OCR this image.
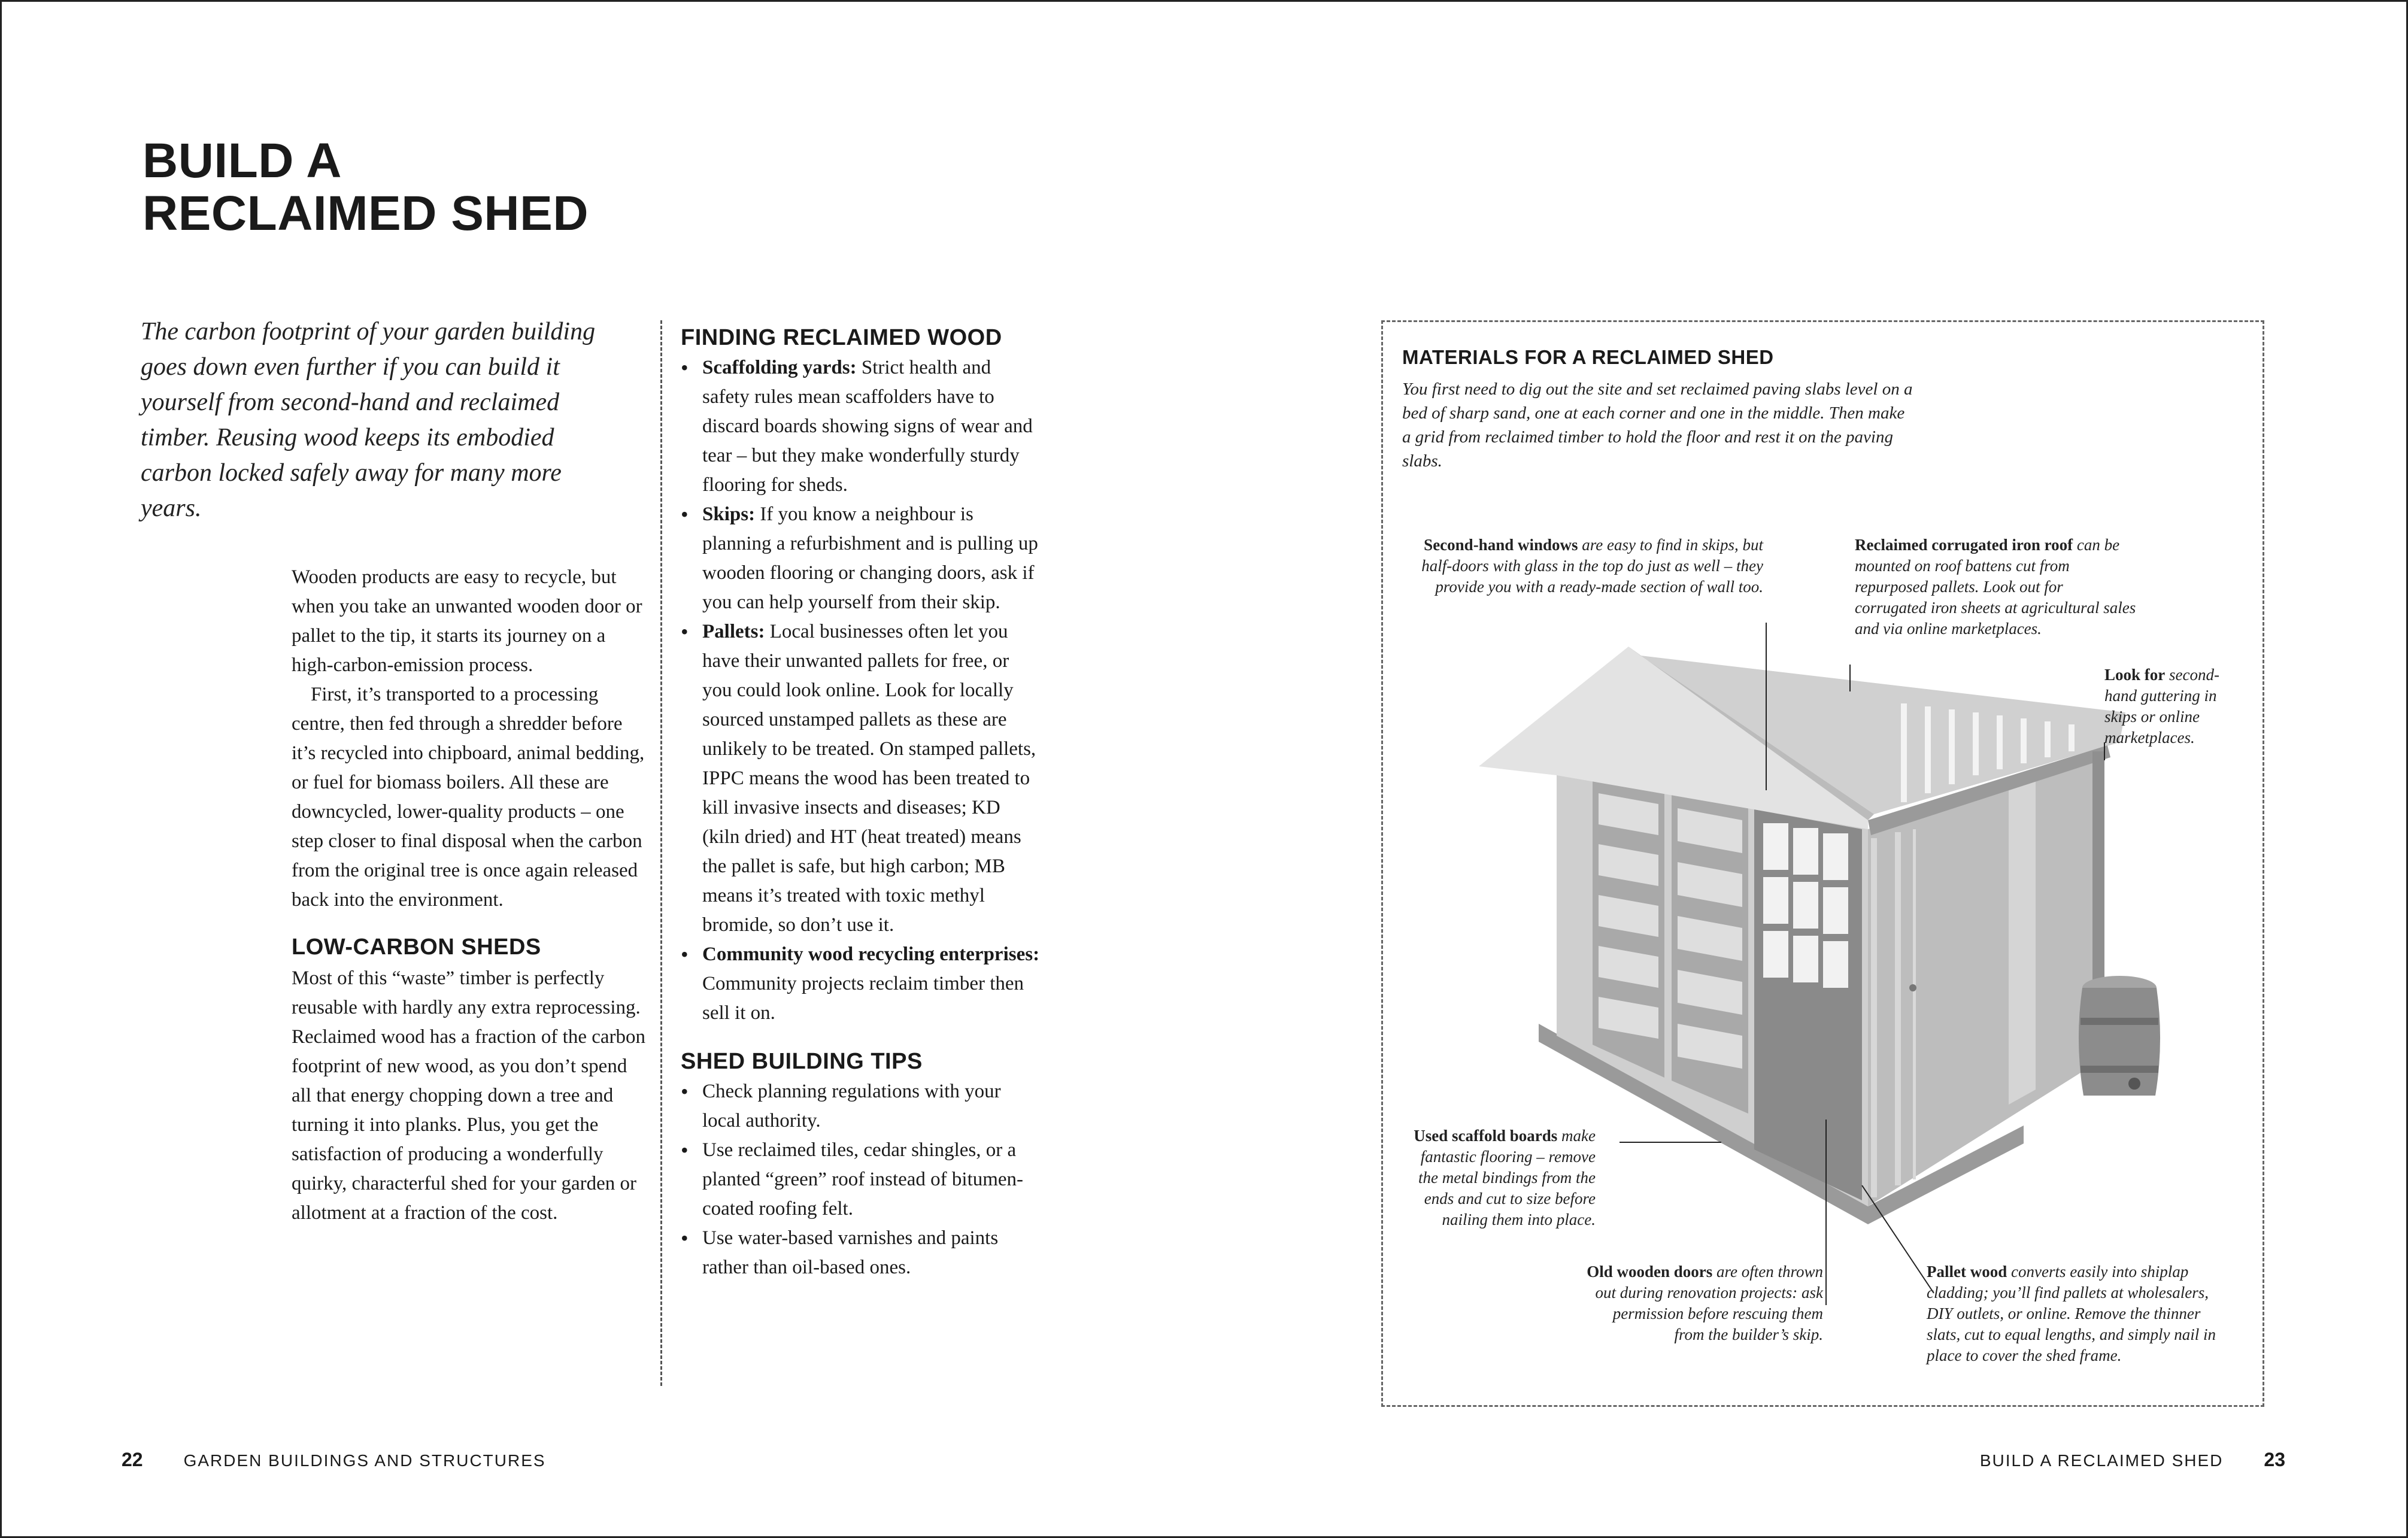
BUILD A
RECLAIMED SHED

The carbon footprint of your garden building goes down even further if you can build it yourself from second-hand and reclaimed timber. Reusing wood keeps its embodied carbon locked safely away for many more years.

Wooden products are easy to recycle, but when you take an unwanted wooden door or pallet to the tip, it starts its journey on a high-carbon-emission process.

First, it’s transported to a processing centre, then fed through a shredder before it’s recycled into chipboard, animal bedding, or fuel for biomass boilers. All these are downcycled, lower-quality products – one step closer to final disposal when the carbon from the original tree is once again released back into the environment.

LOW-CARBON SHEDS

Most of this “waste” timber is perfectly reusable with hardly any extra reprocessing. Reclaimed wood has a fraction of the carbon footprint of new wood, as you don’t spend all that energy chopping down a tree and turning it into planks. Plus, you get the satisfaction of producing a wonderfully quirky, characterful shed for your garden or allotment at a fraction of the cost.

FINDING RECLAIMED WOOD
• Scaffolding yards: Strict health and safety rules mean scaffolders have to discard boards showing signs of wear and tear – but they make wonderfully sturdy flooring for sheds.
• Skips: If you know a neighbour is planning a refurbishment and is pulling up wooden flooring or changing doors, ask if you can help yourself from their skip.
• Pallets: Local businesses often let you have their unwanted pallets for free, or you could look online. Look for locally sourced unstamped pallets as these are unlikely to be treated. On stamped pallets, IPPC means the wood has been treated to kill invasive insects and diseases; KD (kiln dried) and HT (heat treated) means the pallet is safe, but high carbon; MB means it’s treated with toxic methyl bromide, so don’t use it.
• Community wood recycling enterprises: Community projects reclaim timber then sell it on.
SHED BUILDING TIPS
• Check planning regulations with your local authority.
• Use reclaimed tiles, cedar shingles, or a planted “green” roof instead of bitumen-coated roofing felt.
• Use water-based varnishes and paints rather than oil-based ones.
MATERIALS FOR A RECLAIMED SHED

You first need to dig out the site and set reclaimed paving slabs level on a bed of sharp sand, one at each corner and one in the middle. Then make a grid from reclaimed timber to hold the floor and rest it on the paving slabs.

Second-hand windows are easy to find in skips, but half-doors with glass in the top do just as well – they provide you with a ready-made section of wall too.

Reclaimed corrugated iron roof can be mounted on roof battens cut from repurposed pallets. Look out for corrugated iron sheets at agricultural sales and via online marketplaces.

Look for second-hand guttering in skips or online marketplaces.

Used scaffold boards make fantastic flooring – remove the metal bindings from the ends and cut to size before nailing them into place.

Old wooden doors are often thrown out during renovation projects: ask permission before rescuing them from the builder’s skip.

Pallet wood converts easily into shiplap cladding; you’ll find pallets at wholesalers, DIY outlets, or online. Remove the thinner slats, cut to equal lengths, and simply nail in place to cover the shed frame.

22 GARDEN BUILDINGS AND STRUCTURES	BUILD A RECLAIMED SHED 23
